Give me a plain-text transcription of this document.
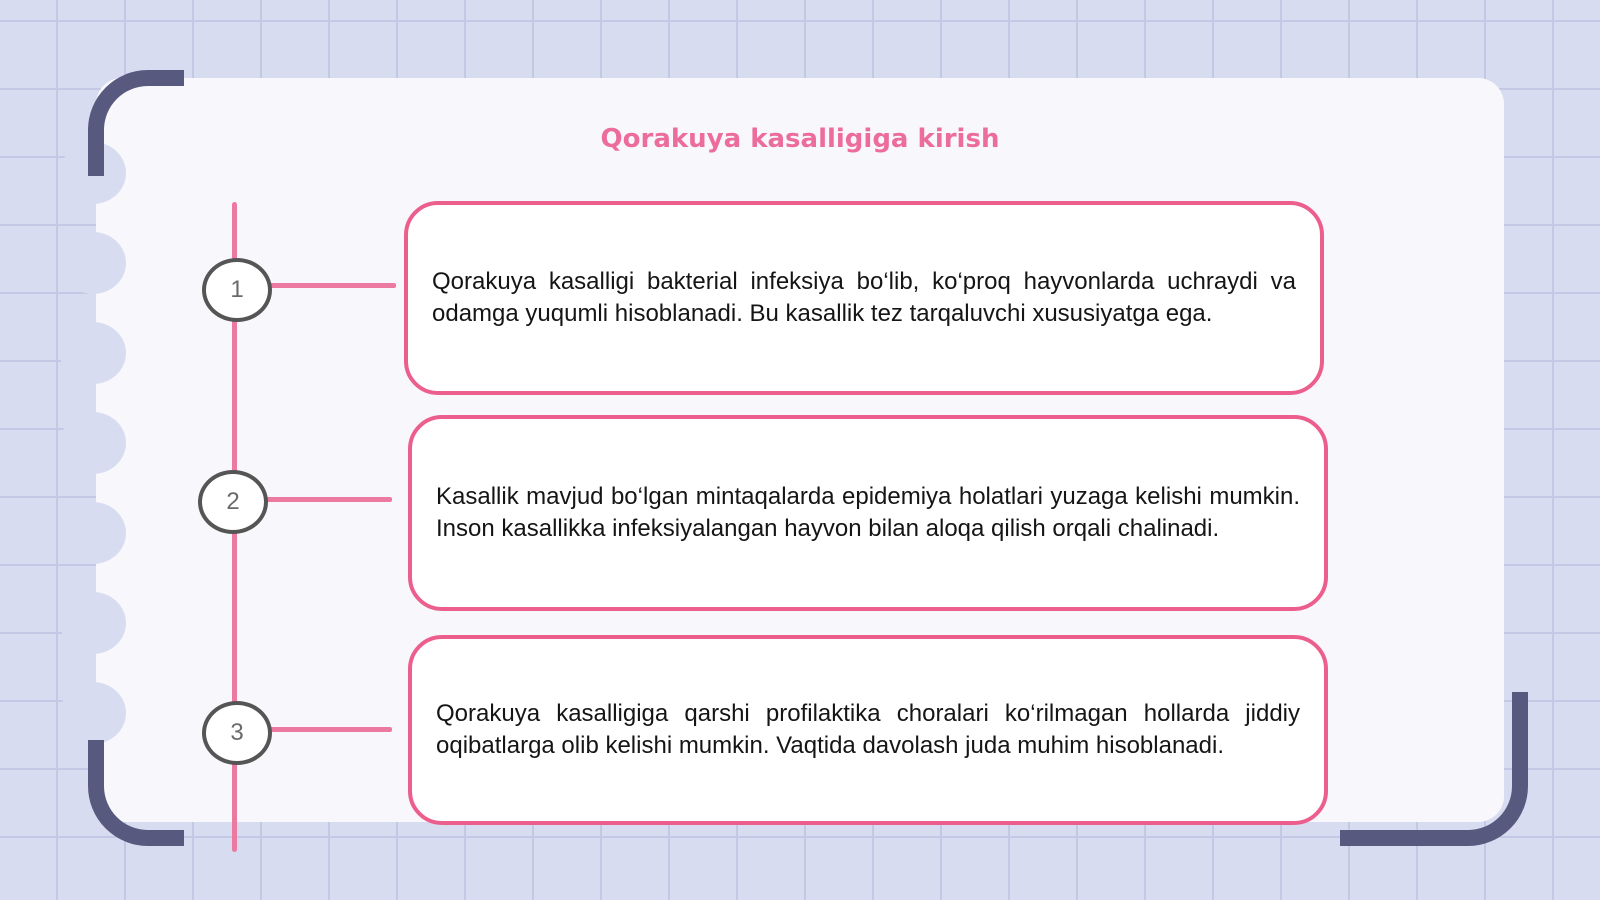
Qorakuya kasalligiga kirish
1	Qorakuya kasalligi bakterial infeksiya bo‘lib, ko‘proq hayvonlarda uchraydi va odamga yuqumli hisoblanadi. Bu kasallik tez tarqaluvchi xususiyatga ega.

2	Kasallik mavjud bo‘lgan mintaqalarda epidemiya holatlari yuzaga kelishi mumkin. Inson kasallikka infeksiyalangan hayvon bilan aloqa qilish orqali chalinadi.

3

Qorakuya kasalligiga qarshi profilaktika choralari ko‘rilmagan hollarda jiddiy oqibatlarga olib kelishi mumkin. Vaqtida davolash juda muhim hisoblanadi.
